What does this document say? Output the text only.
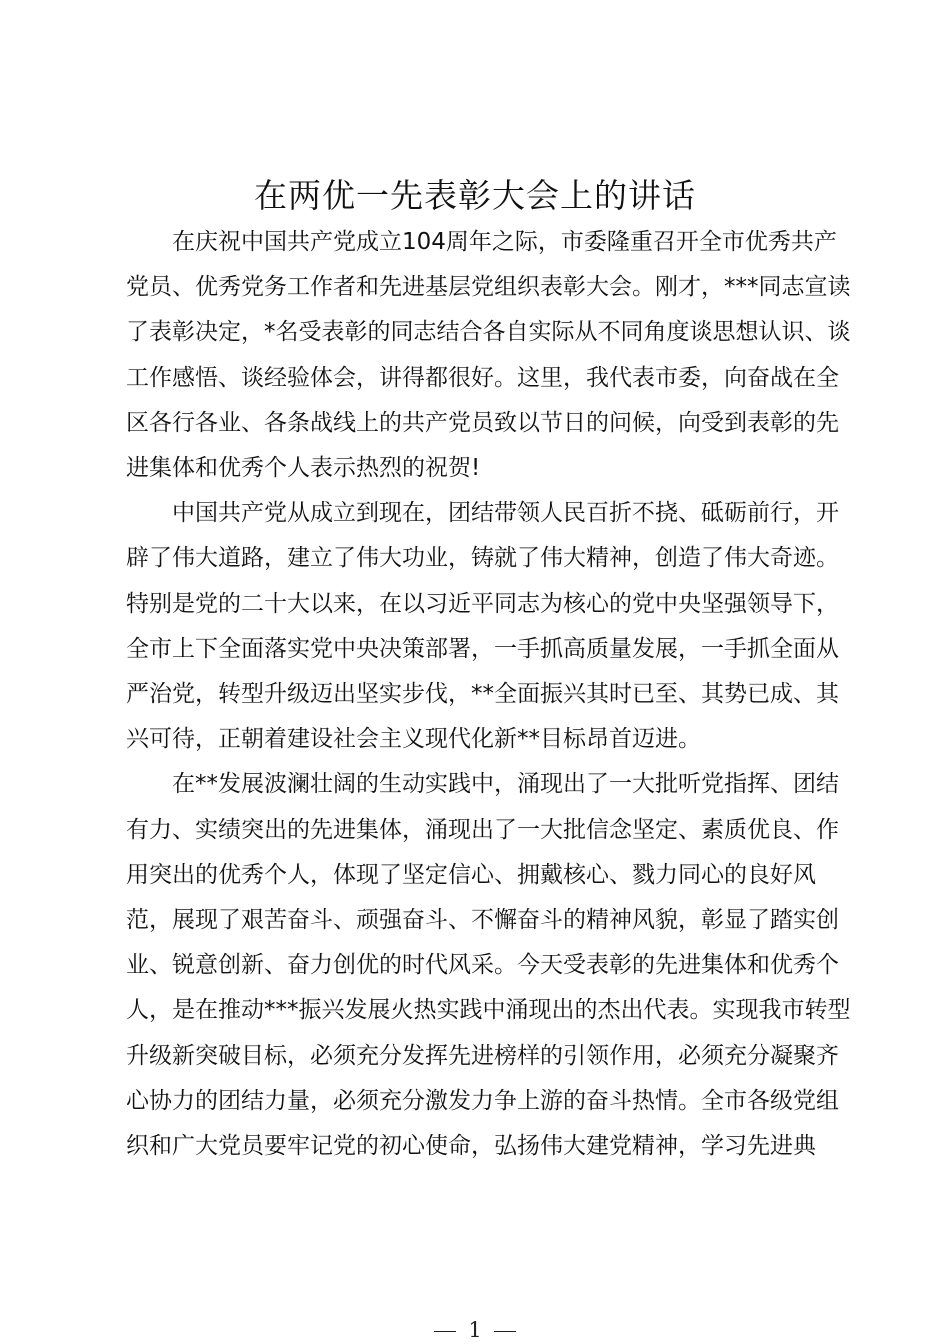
在两优一先表彰大会上的讲话

在庆祝中国共产党成立104周年之际，市委隆重召开全市优秀共产
党员、优秀党务工作者和先进基层党组织表彰大会。刚才，***同志宣读
了表彰决定，*名受表彰的同志结合各自实际从不同角度谈思想认识、谈
工作感悟、谈经验体会，讲得都很好。这里，我代表市委，向奋战在全
区各行各业、各条战线上的共产党员致以节日的问候，向受到表彰的先
进集体和优秀个人表示热烈的祝贺!

中国共产党从成立到现在，团结带领人民百折不挠、砥砺前行，开
辟了伟大道路，建立了伟大功业，铸就了伟大精神，创造了伟大奇迹。
特别是党的二十大以来，在以习近平同志为核心的党中央坚强领导下，
全市上下全面落实党中央决策部署，一手抓高质量发展，一手抓全面从
严治党，转型升级迈出坚实步伐，**全面振兴其时已至、其势已成、其
兴可待，正朝着建设社会主义现代化新**目标昂首迈进。

在**发展波澜壮阔的生动实践中，涌现出了一大批听党指挥、团结
有力、实绩突出的先进集体，涌现出了一大批信念坚定、素质优良、作
用突出的优秀个人，体现了坚定信心、拥戴核心、戮力同心的良好风
范，展现了艰苦奋斗、顽强奋斗、不懈奋斗的精神风貌，彰显了踏实创
业、锐意创新、奋力创优的时代风采。今天受表彰的先进集体和优秀个
人，是在推动***振兴发展火热实践中涌现出的杰出代表。实现我市转型
升级新突破目标，必须充分发挥先进榜样的引领作用，必须充分凝聚齐
心协力的团结力量，必须充分激发力争上游的奋斗热情。全市各级党组
织和广大党员要牢记党的初心使命，弘扬伟大建党精神，学习先进典

1
